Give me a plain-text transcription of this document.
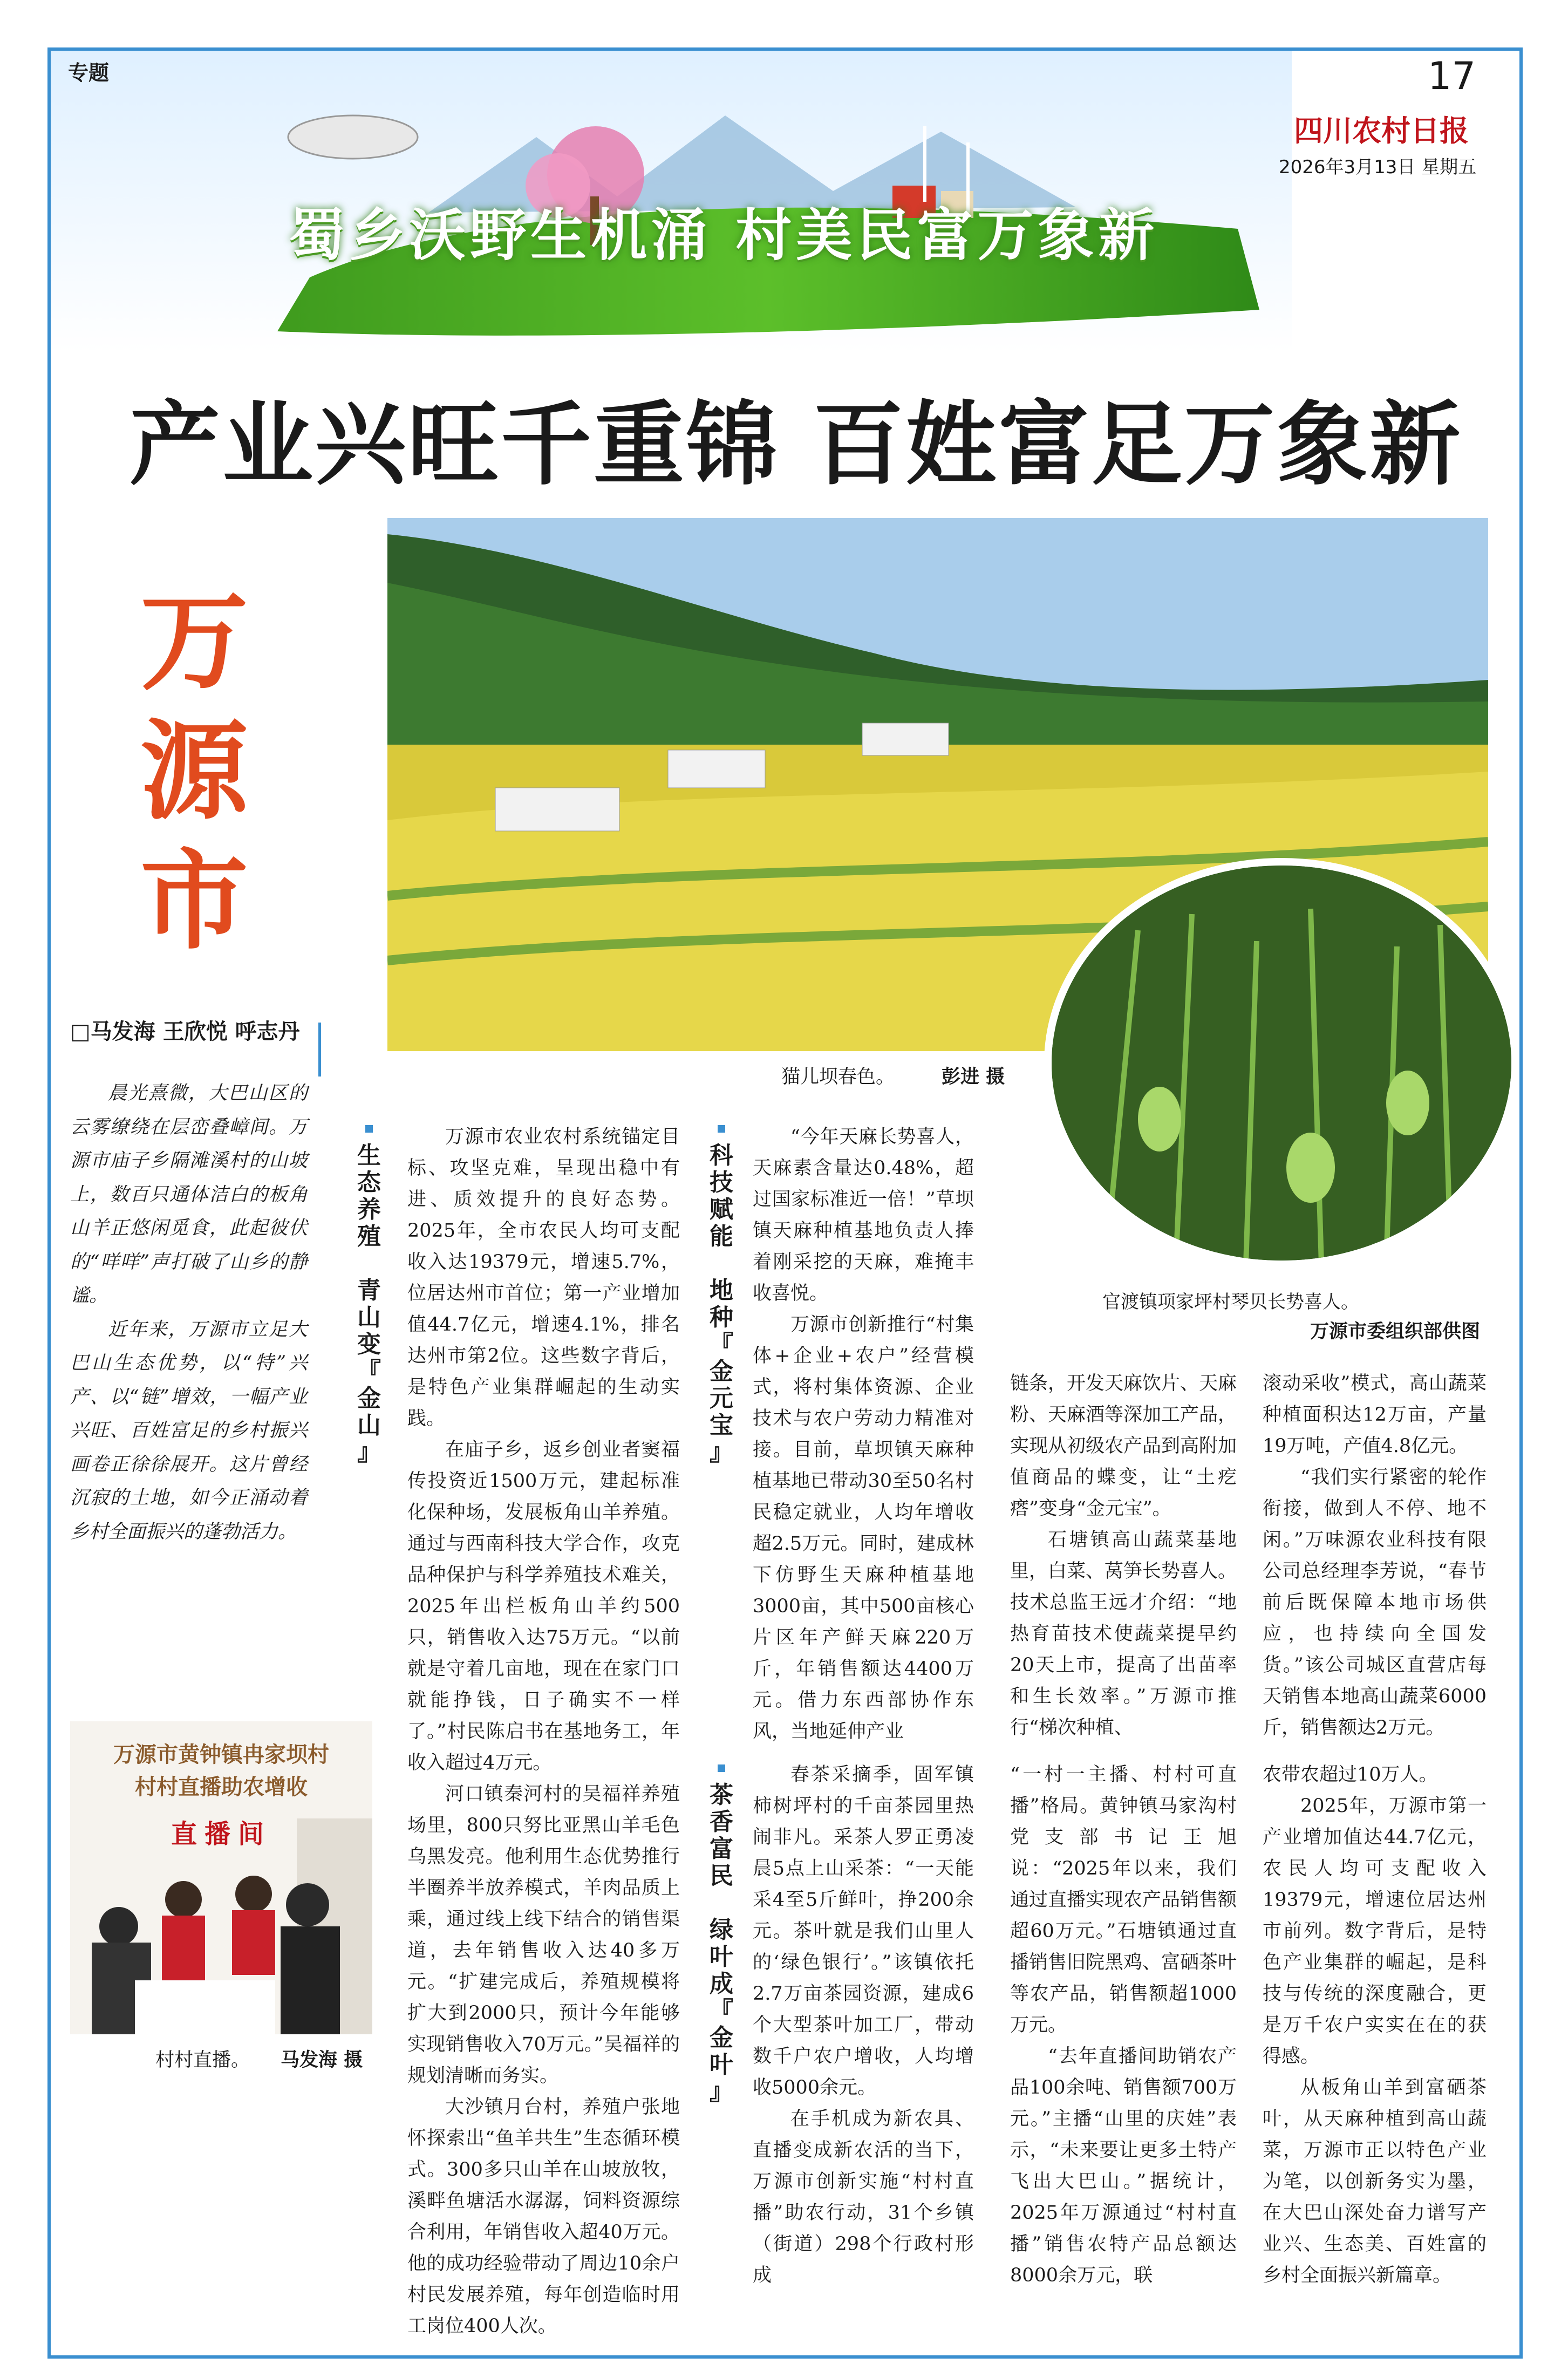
蜀乡沃野生机涌 村美民富万象新
专题	17
四川农村日报
2026年3月13日 星期五
产业兴旺千重锦 百姓富足万象新
万
源
市
猫儿坝春色。 彭进 摄
官渡镇项家坪村琴贝长势喜人。
万源市委组织部供图
□马发海 王欣悦 呼志丹

晨光熹微，大巴山区的云雾缭绕在层峦叠嶂间。万源市庙子乡隔滩溪村的山坡上，数百只通体洁白的板角山羊正悠闲觅食，此起彼伏的“咩咩”声打破了山乡的静谧。

近年来，万源市立足大巴山生态优势，以“特”兴产、以“链”增效，一幅产业兴旺、百姓富足的乡村振兴画卷正徐徐展开。这片曾经沉寂的土地，如今正涌动着乡村全面振兴的蓬勃活力。

生
态
养
殖

青
山
变
『
金
山
』
科
技
赋
能

地
种
『
金
元
宝
』
茶
香
富
民

绿
叶
成
『
金
叶
』

万源市农业农村系统锚定目标、攻坚克难，呈现出稳中有进、质效提升的良好态势。2025年，全市农民人均可支配收入达19379元，增速5.7%，位居达州市首位；第一产业增加值44.7亿元，增速4.1%，排名达州市第2位。这些数字背后，是特色产业集群崛起的生动实践。

在庙子乡，返乡创业者窦福传投资近1500万元，建起标准化保种场，发展板角山羊养殖。通过与西南科技大学合作，攻克品种保护与科学养殖技术难关，2025年出栏板角山羊约500只，销售收入达75万元。“以前就是守着几亩地，现在在家门口就能挣钱，日子确实不一样了。”村民陈启书在基地务工，年收入超过4万元。

河口镇秦河村的吴福祥养殖场里，800只努比亚黑山羊毛色乌黑发亮。他利用生态优势推行半圈养半放养模式，羊肉品质上乘，通过线上线下结合的销售渠道，去年销售收入达40多万元。“扩建完成后，养殖规模将扩大到2000只，预计今年能够实现销售收入70万元。”吴福祥的规划清晰而务实。

大沙镇月台村，养殖户张地怀探索出“鱼羊共生”生态循环模式。300多只山羊在山坡放牧，溪畔鱼塘活水潺潺，饲料资源综合利用，年销售收入超40万元。他的成功经验带动了周边10余户村民发展养殖，每年创造临时用工岗位400人次。

“今年天麻长势喜人，天麻素含量达0.48%，超过国家标准近一倍！”草坝镇天麻种植基地负责人捧着刚采挖的天麻，难掩丰收喜悦。

万源市创新推行“村集体+企业+农户”经营模式，将村集体资源、企业技术与农户劳动力精准对接。目前，草坝镇天麻种植基地已带动30至50名村民稳定就业，人均年增收超2.5万元。同时，建成林下仿野生天麻种植基地3000亩，其中500亩核心片区年产鲜天麻220万斤，年销售额达4400万元。借力东西部协作东风，当地延伸产业

链条，开发天麻饮片、天麻粉、天麻酒等深加工产品，实现从初级农产品到高附加值商品的蝶变，让“土疙瘩”变身“金元宝”。

石塘镇高山蔬菜基地里，白菜、莴笋长势喜人。技术总监王远才介绍：“地热育苗技术使蔬菜提早约20天上市，提高了出苗率和生长效率。”万源市推行“梯次种植、

滚动采收”模式，高山蔬菜种植面积达12万亩，产量19万吨，产值4.8亿元。

“我们实行紧密的轮作衔接，做到人不停、地不闲。”万味源农业科技有限公司总经理李芳说，“春节前后既保障本地市场供应，也持续向全国发货。”该公司城区直营店每天销售本地高山蔬菜6000斤，销售额达2万元。

春茶采摘季，固军镇柿树坪村的千亩茶园里热闹非凡。采茶人罗正勇凌晨5点上山采茶：“一天能采4至5斤鲜叶，挣200余元。茶叶就是我们山里人的‘绿色银行’。”该镇依托2.7万亩茶园资源，建成6个大型茶叶加工厂，带动数千户农户增收，人均增收5000余元。

在手机成为新农具、直播变成新农活的当下，万源市创新实施“村村直播”助农行动，31个乡镇（街道）298个行政村形成

“一村一主播、村村可直播”格局。黄钟镇马家沟村党支部书记王旭说：“2025年以来，我们通过直播实现农产品销售额超60万元。”石塘镇通过直播销售旧院黑鸡、富硒茶叶等农产品，销售额超1000万元。

“去年直播间助销农产品100余吨、销售额700万元。”主播“山里的庆娃”表示，“未来要让更多土特产飞出大巴山。”据统计，2025年万源通过“村村直播”销售农特产品总额达8000余万元，联

农带农超过10万人。

2025年，万源市第一产业增加值达44.7亿元，农民人均可支配收入19379元，增速位居达州市前列。数字背后，是特色产业集群的崛起，是科技与传统的深度融合，更是万千农户实实在在的获得感。

从板角山羊到富硒茶叶，从天麻种植到高山蔬菜，万源市正以特色产业为笔，以创新务实为墨，在大巴山深处奋力谱写产业兴、生态美、百姓富的乡村全面振兴新篇章。

万源市黄钟镇冉家坝村
村村直播助农增收
直播间
村村直播。 马发海 摄
